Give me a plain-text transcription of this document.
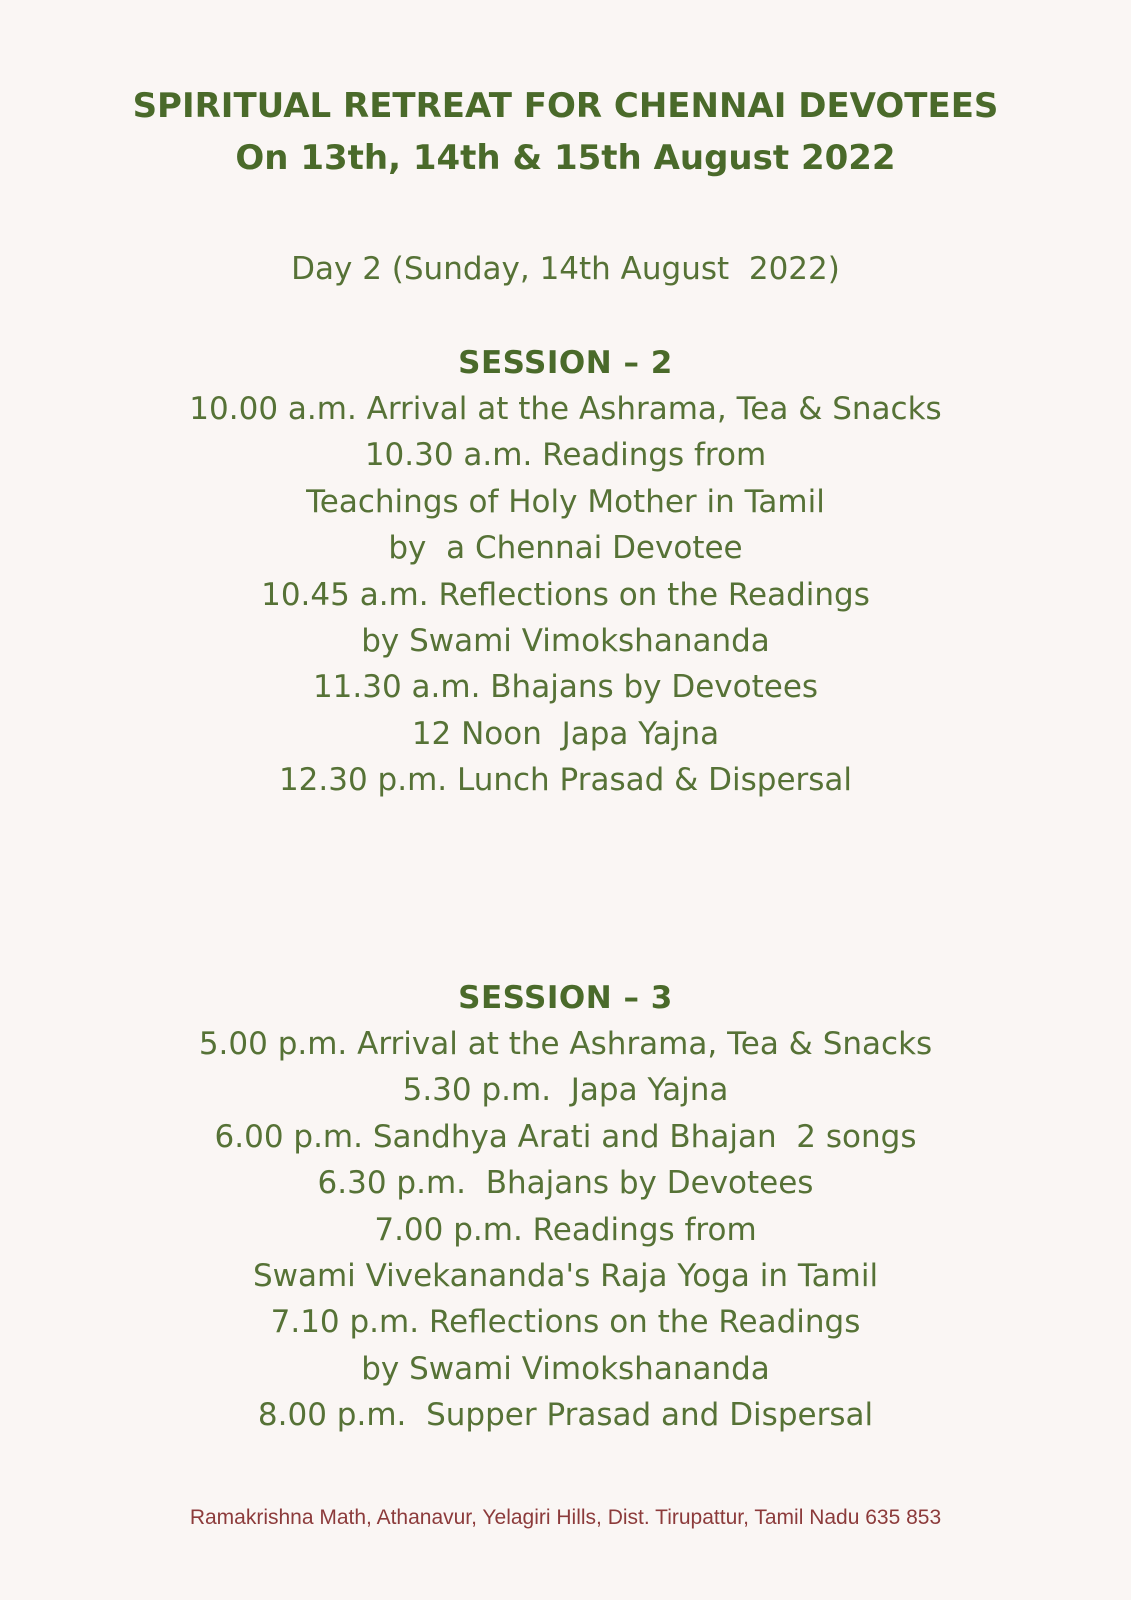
SPIRITUAL RETREAT FOR CHENNAI DEVOTEES
On 13th, 14th & 15th August 2022
Day 2 (Sunday, 14th August  2022)
SESSION – 2
10.00 a.m. Arrival at the Ashrama, Tea & Snacks
10.30 a.m. Readings from
Teachings of Holy Mother in Tamil
by  a Chennai Devotee
10.45 a.m. Reflections on the Readings
by Swami Vimokshananda
11.30 a.m. Bhajans by Devotees
12 Noon  Japa Yajna
12.30 p.m. Lunch Prasad & Dispersal
SESSION – 3
5.00 p.m. Arrival at the Ashrama, Tea & Snacks
5.30 p.m.  Japa Yajna
6.00 p.m. Sandhya Arati and Bhajan  2 songs
6.30 p.m.  Bhajans by Devotees
7.00 p.m. Readings from
Swami Vivekananda's Raja Yoga in Tamil
7.10 p.m. Reflections on the Readings
by Swami Vimokshananda
8.00 p.m.  Supper Prasad and Dispersal
Ramakrishna Math, Athanavur, Yelagiri Hills, Dist. Tirupattur, Tamil Nadu 635 853
